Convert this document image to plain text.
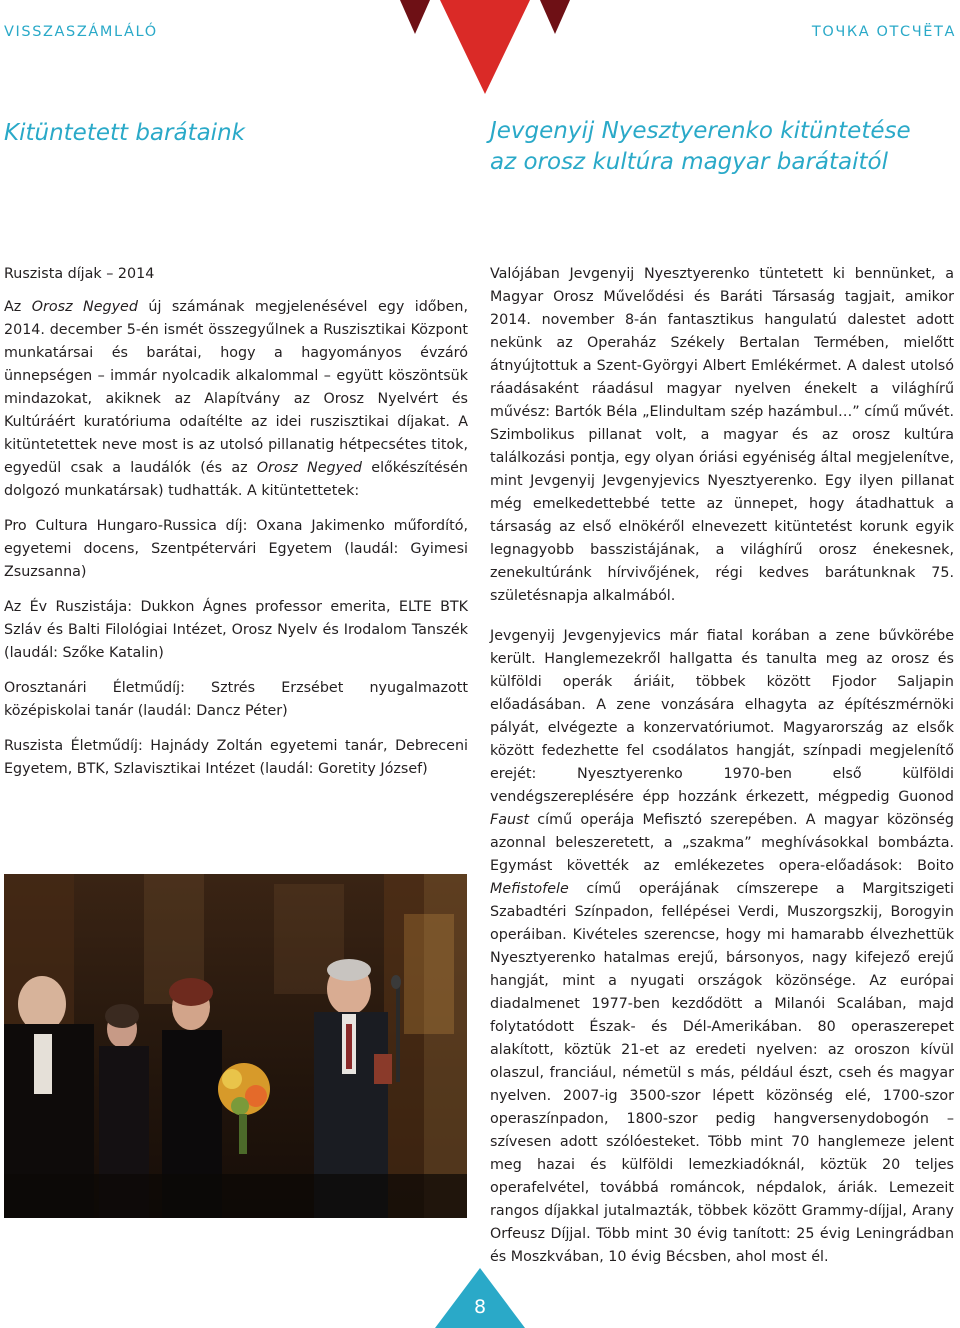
VISSZASZÁMLÁLÓ	ТОЧКА ОТСЧЁТА
Kitüntetett barátaink	Jevgenyij Nyesztyerenko kitüntetése
az orosz kultúra magyar barátaitól

Ruszista díjak – 2014

Az Orosz Negyed új számának megjelenésével egy időben, 2014. december 5-én ismét összegyűlnek a Ruszisztikai Központ munkatársai és barátai, hogy a hagyományos évzáró ünnepségen – immár nyolcadik alkalommal – együtt köszöntsük mindazokat, akiknek az Alapítvány az Orosz Nyelvért és Kultúráért kuratóriuma odaítélte az idei ruszisztikai díjakat. A kitüntetettek neve most is az utolsó pillanatig hétpecsétes titok, egyedül csak a laudálók (és az Orosz Negyed előkészítésén dolgozó munkatársak) tudhatták. A kitüntettetek:

Pro Cultura Hungaro-Russica díj: Oxana Jakimenko műfordító, egyetemi docens, Szentpétervári Egyetem (laudál: Gyimesi Zsuzsanna)

Az Év Ruszistája: Dukkon Ágnes professor emerita, ELTE BTK Szláv és Balti Filológiai Intézet, Orosz Nyelv és Irodalom Tanszék (laudál: Szőke Katalin)

Orosztanári Életműdíj: Sztrés Erzsébet nyugalmazott középiskolai tanár (laudál: Dancz Péter)

Ruszista Életműdíj: Hajnády Zoltán egyetemi tanár, Debreceni Egyetem, BTK, Szlavisztikai Intézet (laudál: Goretity József)

Valójában Jevgenyij Nyesztyerenko tüntetett ki bennünket, a Magyar Orosz Művelődési és Baráti Társaság tagjait, amikor 2014. november 8-án fantasztikus hangulatú dalestet adott nekünk az Operaház Székely Bertalan Termében, mielőtt átnyújtottuk a Szent-Györgyi Albert Emlékérmet. A dalest utolsó ráadásaként ráadásul magyar nyelven énekelt a világhírű művész: Bartók Béla „Elindultam szép hazámbul…” című művét. Szimbolikus pillanat volt, a magyar és az orosz kultúra találkozási pontja, egy olyan óriási egyéniség által megjelenítve, mint Jevgenyij Jevgenyjevics Nyesztyerenko. Egy ilyen pillanat még emelkedettebbé tette az ünnepet, hogy átadhattuk a társaság az első elnökéről elnevezett kitüntetést korunk egyik legnagyobb basszistájának, a világhírű orosz énekesnek, zenekultúránk hírvivőjének, régi kedves barátunknak 75. születésnapja alkalmából.

Jevgenyij Jevgenyjevics már fiatal korában a zene bűvkörébe került. Hanglemezekről hallgatta és tanulta meg az orosz és külföldi operák áriáit, többek között Fjodor Saljapin előadásában. A zene vonzására elhagyta az építészmérnöki pályát, elvégezte a konzervatóriumot. Magyarország az elsők között fedezhette fel csodálatos hangját, színpadi megjelenítő erejét: Nyesztyerenko 1970-ben első külföldi vendégszereplésére épp hozzánk érkezett, mégpedig Guonod Faust című operája Mefisztó szerepében. A magyar közönség azonnal beleszeretett, a „szakma” meghívásokkal bombázta. Egymást követték az emlékezetes opera-előadások: Boito Mefistofele című operájának címszerepe a Margitszigeti Szabadtéri Színpadon, fellépései Verdi, Muszorgszkij, Borogyin operáiban. Kivételes szerencse, hogy mi hamarabb élvezhettük Nyesztyerenko hatalmas erejű, bársonyos, nagy kifejező erejű hangját, mint a nyugati országok közönsége. Az európai diadalmenet 1977-ben kezdődött a Milanói Scalában, majd folytatódott Észak- és Dél-Amerikában. 80 operaszerepet alakított, köztük 21-et az eredeti nyelven: az oroszon kívül olaszul, franciául, németül s más, például észt, cseh és magyar nyelven. 2007-ig 3500-szor lépett közönség elé, 1700-szor operaszínpadon, 1800-szor pedig hangversenydobogón – szívesen adott szólóesteket. Több mint 70 hanglemeze jelent meg hazai és külföldi lemezkiadóknál, köztük 20 teljes operafelvétel, továbbá románcok, népdalok, áriák. Lemezeit rangos díjakkal jutalmazták, többek között Grammy-díjjal, Arany Orfeusz Díjjal. Több mint 30 évig tanított: 25 évig Leningrádban és Moszkvában, 10 évig Bécsben, ahol most él.

8
